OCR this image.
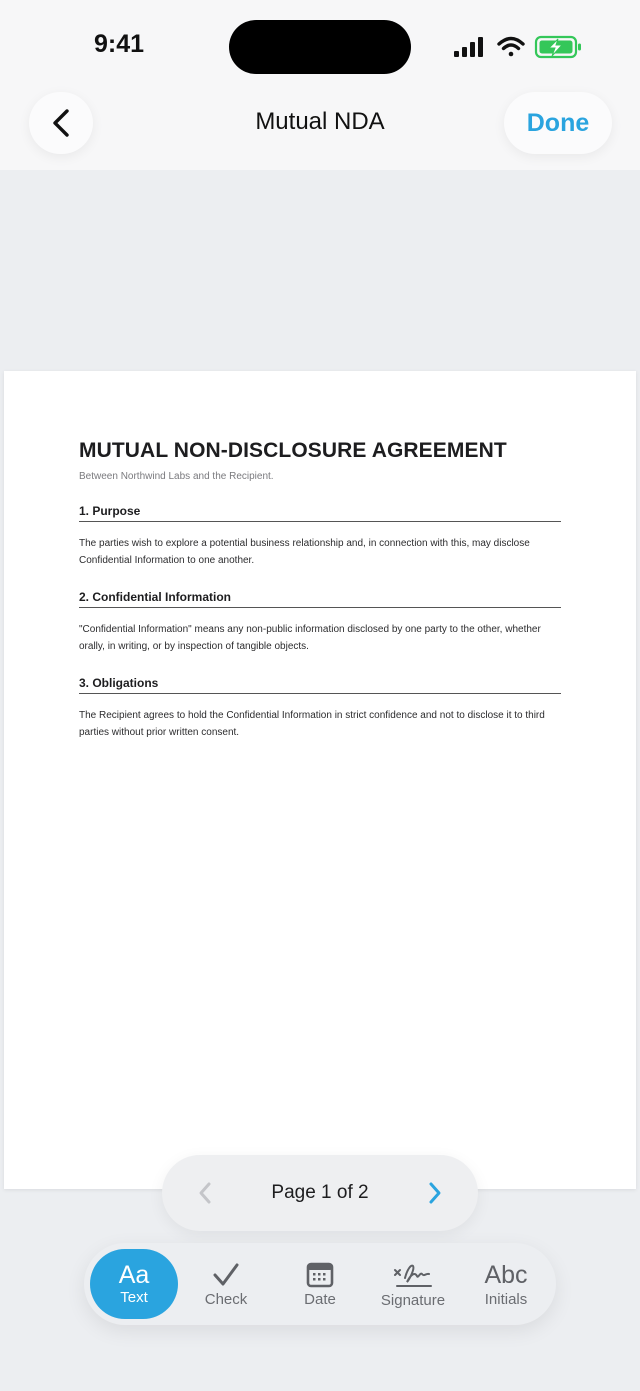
9:41
Mutual NDA	Done
MUTUAL NON-DISCLOSURE AGREEMENT
Between Northwind Labs and the Recipient.
1. Purpose
The parties wish to explore a potential business relationship and, in connection with this, may disclose Confidential Information to one another.
2. Confidential Information
"Confidential Information" means any non-public information disclosed by one party to the other, whether orally, in writing, or by inspection of tangible objects.
3. Obligations
The Recipient agrees to hold the Confidential Information in strict confidence and not to disclose it to third parties without prior written consent.
Page 1 of 2
Aa
Text	Check	Date	Signature
Abc
Initials
